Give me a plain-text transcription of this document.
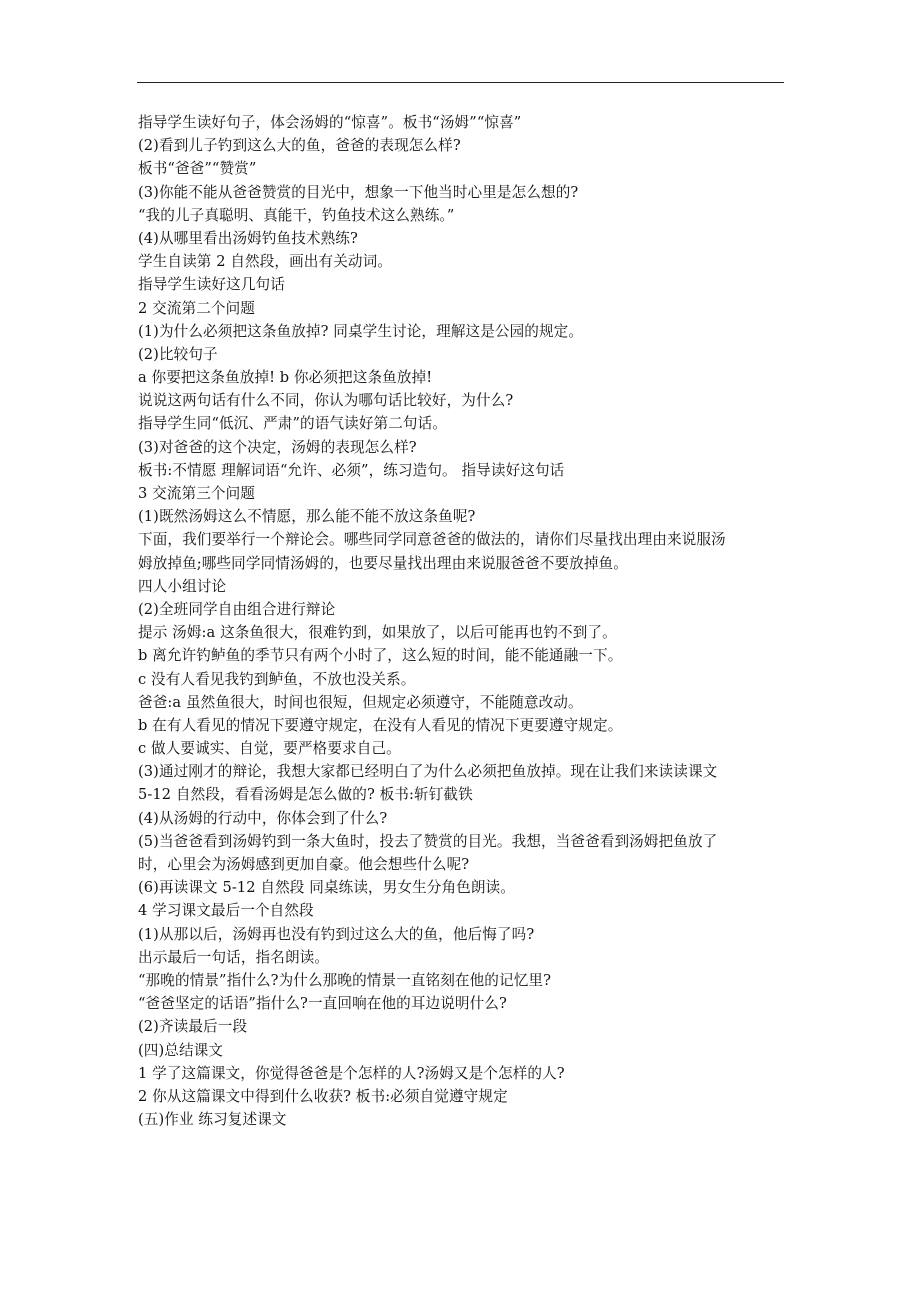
指导学生读好句子，体会汤姆的“惊喜”。板书“汤姆”“惊喜”
(2)看到儿子钓到这么大的鱼，爸爸的表现怎么样?
板书“爸爸”“赞赏”
(3)你能不能从爸爸赞赏的目光中，想象一下他当时心里是怎么想的?
“我的儿子真聪明、真能干，钓鱼技术这么熟练。”
(4)从哪里看出汤姆钓鱼技术熟练?
学生自读第 2 自然段，画出有关动词。
指导学生读好这几句话
2 交流第二个问题
(1)为什么必须把这条鱼放掉? 同桌学生讨论，理解这是公园的规定。
(2)比较句子
a 你要把这条鱼放掉! b 你必须把这条鱼放掉!
说说这两句话有什么不同，你认为哪句话比较好，为什么?
指导学生同“低沉、严肃”的语气读好第二句话。
(3)对爸爸的这个决定，汤姆的表现怎么样?
板书:不情愿 理解词语“允许、必须”，练习造句。 指导读好这句话
3 交流第三个问题
(1)既然汤姆这么不情愿，那么能不能不放这条鱼呢?
下面，我们要举行一个辩论会。哪些同学同意爸爸的做法的，请你们尽量找出理由来说服汤
姆放掉鱼;哪些同学同情汤姆的，也要尽量找出理由来说服爸爸不要放掉鱼。
四人小组讨论
(2)全班同学自由组合进行辩论
提示 汤姆:a 这条鱼很大，很难钓到，如果放了，以后可能再也钓不到了。
b 离允许钓鲈鱼的季节只有两个小时了，这么短的时间，能不能通融一下。
c 没有人看见我钓到鲈鱼，不放也没关系。
爸爸:a 虽然鱼很大，时间也很短，但规定必须遵守，不能随意改动。
b 在有人看见的情况下要遵守规定，在没有人看见的情况下更要遵守规定。
c 做人要诚实、自觉，要严格要求自己。
(3)通过刚才的辩论，我想大家都已经明白了为什么必须把鱼放掉。现在让我们来读读课文
5-12 自然段，看看汤姆是怎么做的? 板书:斩钉截铁
(4)从汤姆的行动中，你体会到了什么?
(5)当爸爸看到汤姆钓到一条大鱼时，投去了赞赏的目光。我想，当爸爸看到汤姆把鱼放了
时，心里会为汤姆感到更加自豪。他会想些什么呢?
(6)再读课文 5-12 自然段 同桌练读，男女生分角色朗读。
4 学习课文最后一个自然段
(1)从那以后，汤姆再也没有钓到过这么大的鱼，他后悔了吗?
出示最后一句话，指名朗读。
“那晚的情景”指什么?为什么那晚的情景一直铭刻在他的记忆里?
“爸爸坚定的话语”指什么?一直回响在他的耳边说明什么?
(2)齐读最后一段
(四)总结课文
1 学了这篇课文，你觉得爸爸是个怎样的人?汤姆又是个怎样的人?
2 你从这篇课文中得到什么收获? 板书:必须自觉遵守规定
(五)作业 练习复述课文
